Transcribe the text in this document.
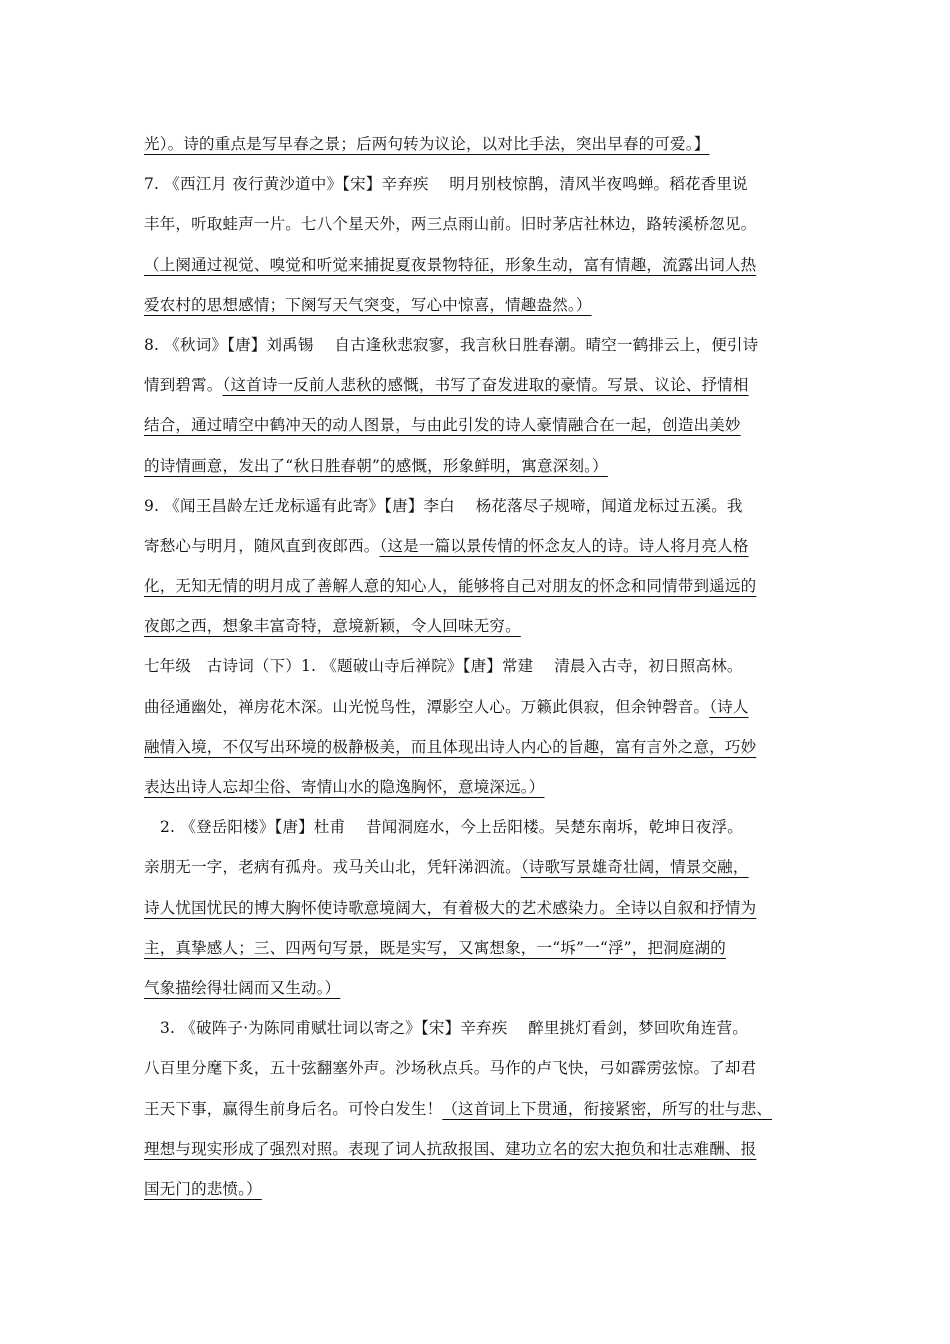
光）。诗的重点是写早春之景；后两句转为议论，以对比手法，突出早春的可爱。】
7. 《西江月 夜行黄沙道中》【宋】辛弃疾　 明月别枝惊鹊，清风半夜鸣蝉。稻花香里说
丰年，听取蛙声一片。七八个星天外，两三点雨山前。旧时茅店社林边，路转溪桥忽见。
（上阕通过视觉、嗅觉和听觉来捕捉夏夜景物特征，形象生动，富有情趣，流露出词人热
爱农村的思想感情；下阕写天气突变，写心中惊喜，情趣盎然。）
8. 《秋词》【唐】刘禹锡　 自古逢秋悲寂寥，我言秋日胜春潮。晴空一鹤排云上，便引诗
情到碧霄。（这首诗一反前人悲秋的感慨，书写了奋发进取的豪情。写景、议论、抒情相
结合，通过晴空中鹤冲天的动人图景，与由此引发的诗人豪情融合在一起，创造出美妙
的诗情画意，发出了“秋日胜春朝”的感慨，形象鲜明，寓意深刻。）
9. 《闻王昌龄左迁龙标遥有此寄》【唐】李白　 杨花落尽子规啼，闻道龙标过五溪。我
寄愁心与明月，随风直到夜郎西。（这是一篇以景传情的怀念友人的诗。诗人将月亮人格
化，无知无情的明月成了善解人意的知心人，能够将自己对朋友的怀念和同情带到遥远的
夜郎之西，想象丰富奇特，意境新颖，令人回味无穷。
七年级　古诗词（下）1. 《题破山寺后禅院》【唐】常建　 清晨入古寺，初日照高林。
曲径通幽处，禅房花木深。山光悦鸟性，潭影空人心。万籁此俱寂，但余钟磬音。（诗人
融情入境，不仅写出环境的极静极美，而且体现出诗人内心的旨趣，富有言外之意，巧妙
表达出诗人忘却尘俗、寄情山水的隐逸胸怀，意境深远。）
2. 《登岳阳楼》【唐】杜甫　 昔闻洞庭水，今上岳阳楼。吴楚东南坼，乾坤日夜浮。
亲朋无一字，老病有孤舟。戎马关山北，凭轩涕泗流。（诗歌写景雄奇壮阔，情景交融，
诗人忧国忧民的博大胸怀使诗歌意境阔大，有着极大的艺术感染力。全诗以自叙和抒情为
主，真挚感人；三、四两句写景，既是实写，又寓想象，一“坼”一“浮”，把洞庭湖的
气象描绘得壮阔而又生动。）
3. 《破阵子·为陈同甫赋壮词以寄之》【宋】辛弃疾　 醉里挑灯看剑，梦回吹角连营。
八百里分麾下炙，五十弦翻塞外声。沙场秋点兵。马作的卢飞快，弓如霹雳弦惊。了却君
王天下事，赢得生前身后名。可怜白发生！（这首词上下贯通，衔接紧密，所写的壮与悲、
理想与现实形成了强烈对照。表现了词人抗敌报国、建功立名的宏大抱负和壮志难酬、报
国无门的悲愤。）
